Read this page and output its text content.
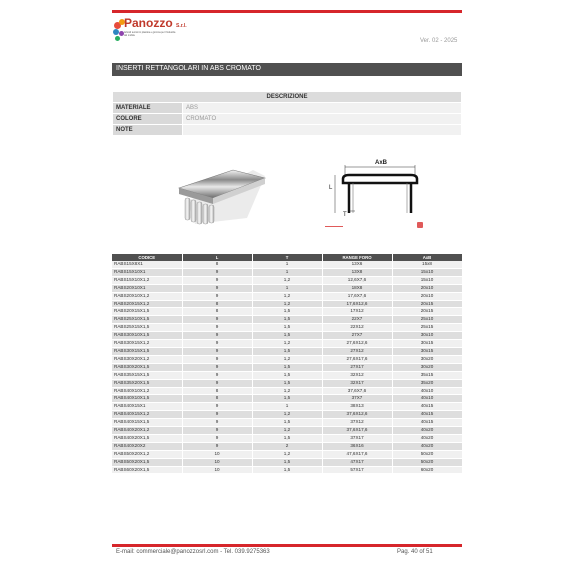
Panozzo S.r.l.
Articoli tecnici in plastica e gomma per l'industria del mobile
Ver. 02 - 2025
INSERTI RETTANGOLARI IN ABS CROMATO
DESCRIZIONE	
MATERIALE	ABS
COLORE	CROMATO
NOTE	
AxB
L
T
CODICE	L	T	RANGE FORO	AxB
RABS15X8X1	8	1	13X6	15x8
RABS15X10X1	9	1	13X8	15x10
RABS15X10X1,2	9	1,2	12,6X7,6	15x10
RABS20X10X1	9	1	18X8	20x10
RABS20X10X1,2	9	1,2	17,6X7,6	20x10
RABS20X15X1,2	8	1,2	17,6X12,6	20x15
RABS20X15X1,5	8	1,5	17X12	20x15
RABS25X10X1,5	9	1,5	22X7	25x10
RABS25X15X1,5	9	1,5	22X12	25x15
RABS30X10X1,5	9	1,5	27X7	30x10
RABS30X15X1,2	9	1,2	27,6X12,6	30x15
RABS30X15X1,5	9	1,5	27X12	30x15
RABS30X20X1,2	9	1,2	27,6X17,6	30x20
RABS30X20X1,5	9	1,5	27X17	30x20
RABS35X15X1,5	9	1,5	32X12	35x15
RABS35X20X1,5	9	1,5	32X17	35x20
RABS40X10X1,2	8	1,2	37,6X7,6	40x10
RABS40X10X1,5	8	1,5	37X7	40x10
RABS40X15X1	9	1	38X13	40x15
RABS40X15X1,2	9	1,2	37,6X12,6	40x15
RABS40X15X1,5	9	1,5	37X12	40x15
RABS40X20X1,2	9	1,2	37,6X17,6	40x20
RABS40X20X1,5	9	1,5	37X17	40x20
RABS40X20X2	9	2	36X16	40x20
RABS50X20X1,2	10	1,2	47,6X17,6	50x20
RABS50X20X1,5	10	1,5	47X17	50x20
RABS60X20X1,5	10	1,5	57X17	60x20
E-mail: commerciale@panozzosrl.com - Tel. 039.9275363	Pag. 40 of 51
